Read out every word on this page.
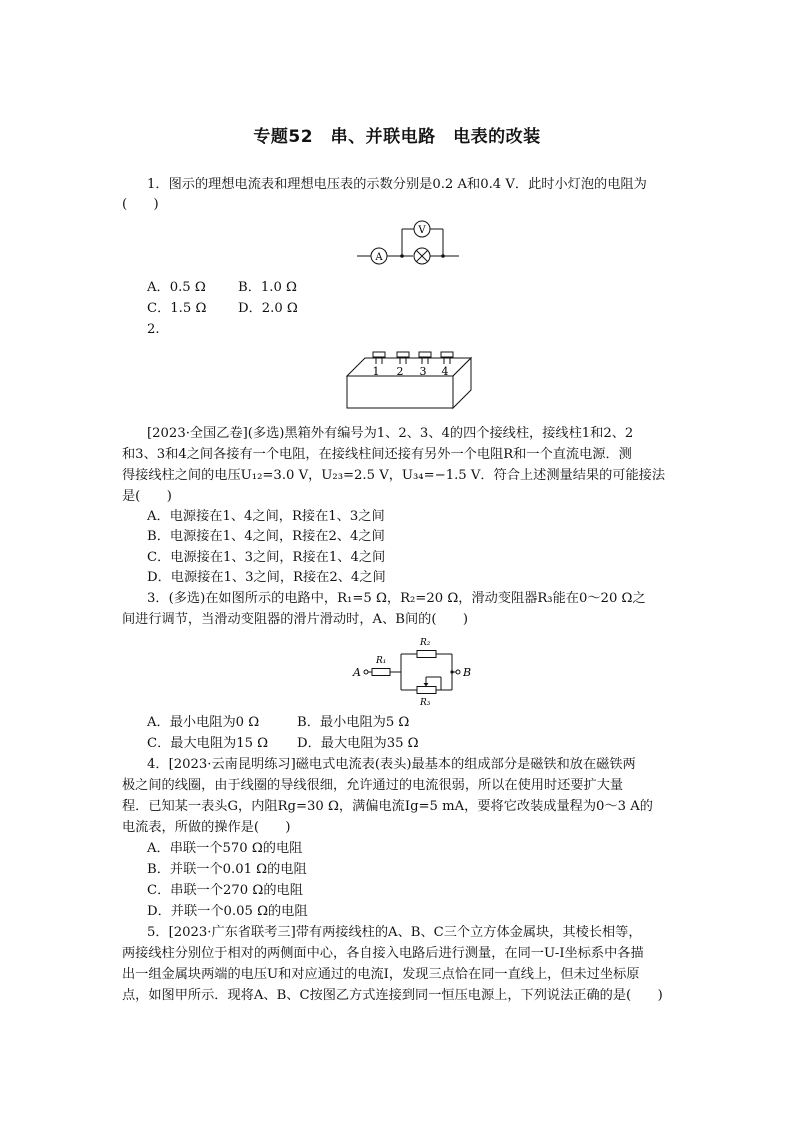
专题52　串、并联电路　电表的改装
1．图示的理想电流表和理想电压表的示数分别是0.2 A和0.4 V．此时小灯泡的电阻为
(　　)
A
V
A．0.5 Ω B．1.0 Ω
C．1.5 Ω D．2.0 Ω
2.
1 2 3 4
[2023·全国乙卷](多选)黑箱外有编号为1、2、3、4的四个接线柱，接线柱1和2、2
和3、3和4之间各接有一个电阻，在接线柱间还接有另外一个电阻R和一个直流电源．测
得接线柱之间的电压U₁₂=3.0 V，U₂₃=2.5 V，U₃₄=−1.5 V．符合上述测量结果的可能接法
是(　　)
A．电源接在1、4之间，R接在1、3之间
B．电源接在1、4之间，R接在2、4之间
C．电源接在1、3之间，R接在1、4之间
D．电源接在1、3之间，R接在2、4之间
3．(多选)在如图所示的电路中，R₁=5 Ω，R₂=20 Ω，滑动变阻器R₃能在0～20 Ω之
间进行调节，当滑动变阻器的滑片滑动时，A、B间的(　　)
A
R₁
R₂
R₃
B
A．最小电阻为0 Ω	B．最小电阻为5 Ω
C．最大电阻为15 Ω D．最大电阻为35 Ω
4．[2023·云南昆明练习]磁电式电流表(表头)最基本的组成部分是磁铁和放在磁铁两
极之间的线圈，由于线圈的导线很细，允许通过的电流很弱，所以在使用时还要扩大量
程．已知某一表头G，内阻Rg=30 Ω，满偏电流Ig=5 mA，要将它改装成量程为0～3 A的
电流表，所做的操作是(　　)
A．串联一个570 Ω的电阻
B．并联一个0.01 Ω的电阻
C．串联一个270 Ω的电阻
D．并联一个0.05 Ω的电阻
5．[2023·广东省联考三]带有两接线柱的A、B、C三个立方体金属块，其棱长相等，
两接线柱分别位于相对的两侧面中心，各自接入电路后进行测量，在同一U-I坐标系中各描
出一组金属块两端的电压U和对应通过的电流I，发现三点恰在同一直线上，但未过坐标原
点，如图甲所示．现将A、B、C按图乙方式连接到同一恒压电源上，下列说法正确的是(　　)
